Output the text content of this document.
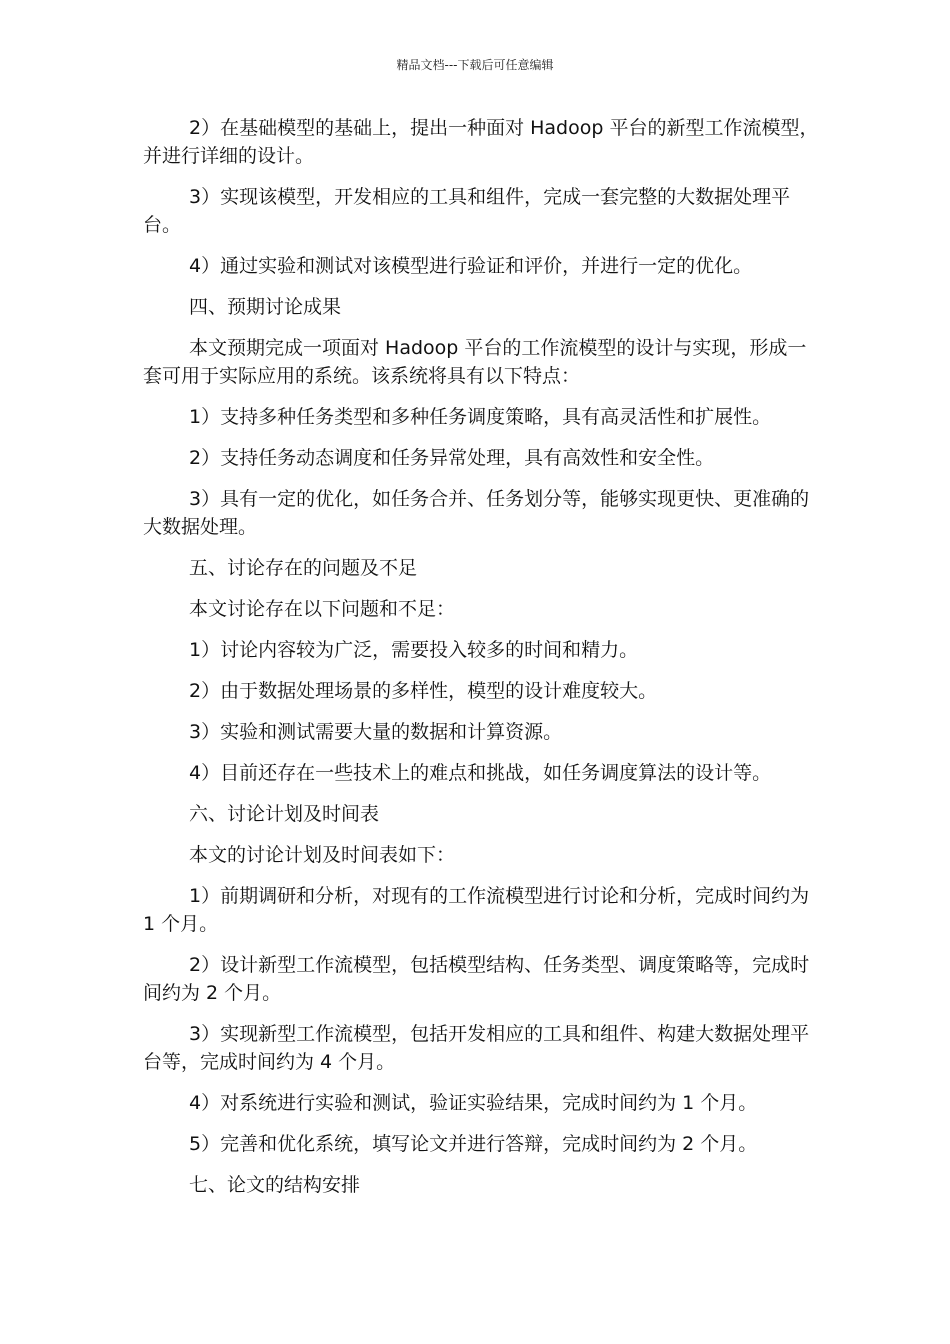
精品文档---下载后可任意编辑

2）在基础模型的基础上，提出一种面对 Hadoop 平台的新型工作流模型，并进行详细的设计。

3）实现该模型，开发相应的工具和组件，完成一套完整的大数据处理平台。

4）通过实验和测试对该模型进行验证和评价，并进行一定的优化。

四、预期讨论成果

本文预期完成一项面对 Hadoop 平台的工作流模型的设计与实现，形成一套可用于实际应用的系统。该系统将具有以下特点：

1）支持多种任务类型和多种任务调度策略，具有高灵活性和扩展性。

2）支持任务动态调度和任务异常处理，具有高效性和安全性。

3）具有一定的优化，如任务合并、任务划分等，能够实现更快、更准确的大数据处理。

五、讨论存在的问题及不足

本文讨论存在以下问题和不足：

1）讨论内容较为广泛，需要投入较多的时间和精力。

2）由于数据处理场景的多样性，模型的设计难度较大。

3）实验和测试需要大量的数据和计算资源。

4）目前还存在一些技术上的难点和挑战，如任务调度算法的设计等。

六、讨论计划及时间表

本文的讨论计划及时间表如下：

1）前期调研和分析，对现有的工作流模型进行讨论和分析，完成时间约为 1 个月。

2）设计新型工作流模型，包括模型结构、任务类型、调度策略等，完成时间约为 2 个月。

3）实现新型工作流模型，包括开发相应的工具和组件、构建大数据处理平台等，完成时间约为 4 个月。

4）对系统进行实验和测试，验证实验结果，完成时间约为 1 个月。

5）完善和优化系统，填写论文并进行答辩，完成时间约为 2 个月。

七、论文的结构安排
